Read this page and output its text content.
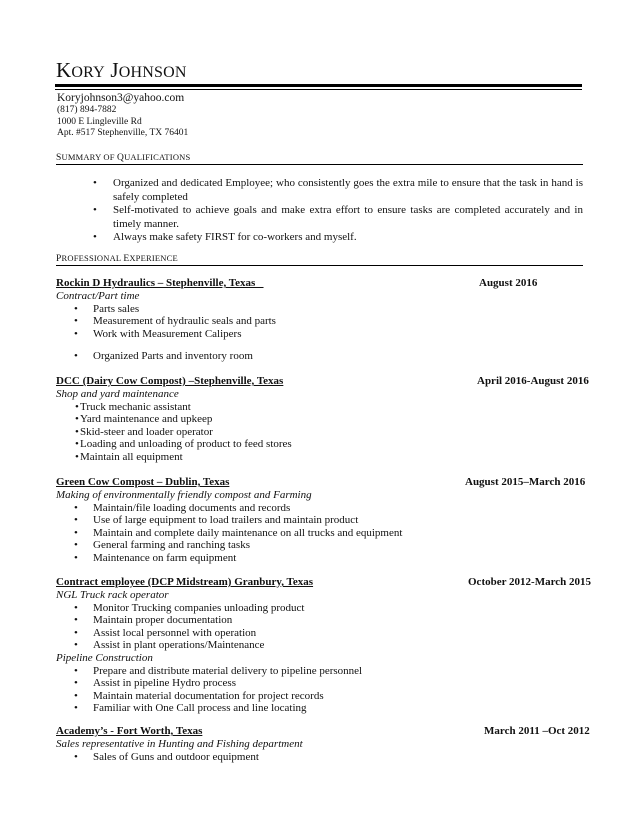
KORY JOHNSON
Koryjohnson3@yahoo.com
(817) 894-7882
1000 E Lingleville Rd
Apt. #517 Stephenville, TX 76401
SUMMARY OF QUALIFICATIONS
• Organized and dedicated Employee; who consistently goes the extra mile to ensure that the task in hand is safely completed
• Self-motivated to achieve goals and make extra effort to ensure tasks are completed accurately and in timely manner.
• Always make safety FIRST for co-workers and myself.
PROFESSIONAL EXPERIENCE
Rockin D Hydraulics – Stephenville, Texas	August 2016
Contract/Part time
• Parts sales
• Measurement of hydraulic seals and parts
• Work with Measurement Calipers
• Organized Parts and inventory room
DCC (Dairy Cow Compost) –Stephenville, Texas	April 2016-August 2016
Shop and yard maintenance
• Truck mechanic assistant
• Yard maintenance and upkeep
• Skid-steer and loader operator
• Loading and unloading of product to feed stores
• Maintain all equipment
Green Cow Compost – Dublin, Texas	August 2015–March 2016
Making of environmentally friendly compost and Farming
• Maintain/file loading documents and records
• Use of large equipment to load trailers and maintain product
• Maintain and complete daily maintenance on all trucks and equipment
• General farming and ranching tasks
• Maintenance on farm equipment
Contract employee (DCP Midstream) Granbury, Texas	October 2012-March 2015
NGL Truck rack operator
• Monitor Trucking companies unloading product
• Maintain proper documentation
• Assist local personnel with operation
• Assist in plant operations/Maintenance
Pipeline Construction
• Prepare and distribute material delivery to pipeline personnel
• Assist in pipeline Hydro process
• Maintain material documentation for project records
• Familiar with One Call process and line locating
Academy’s - Fort Worth, Texas	March 2011 –Oct 2012
Sales representative in Hunting and Fishing department
• Sales of Guns and outdoor equipment
